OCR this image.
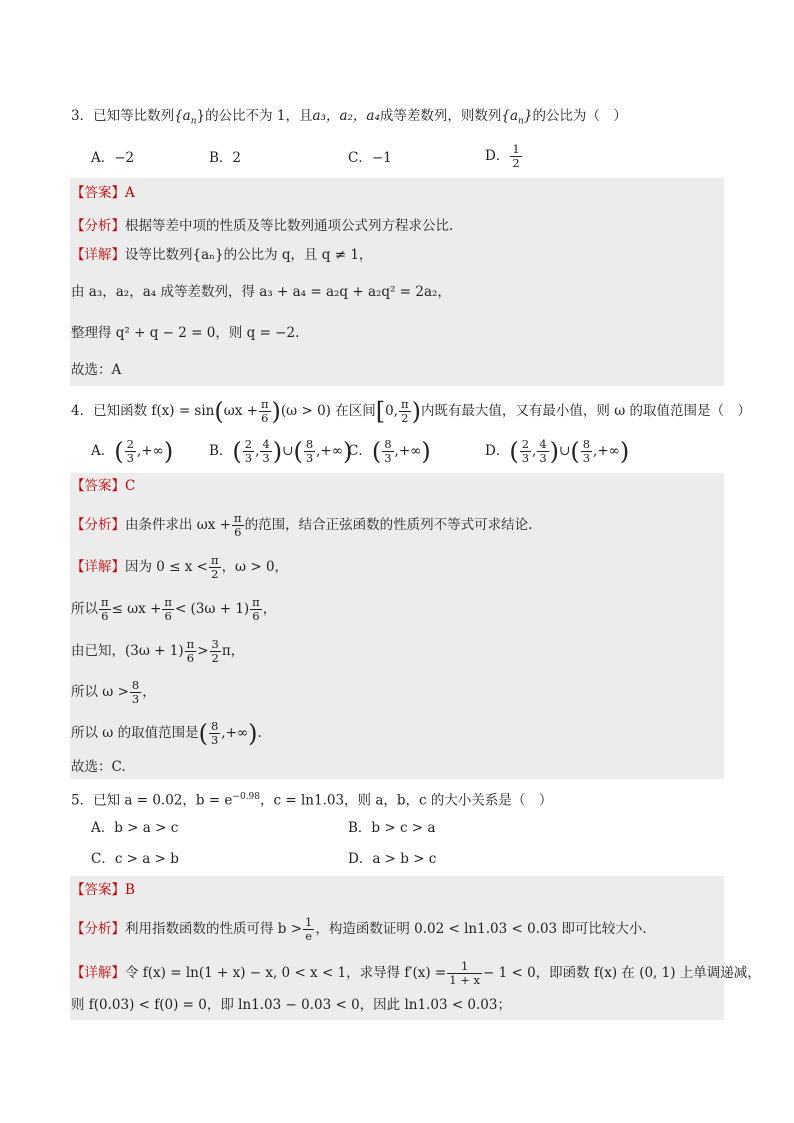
3．已知等比数列$\{a_n\}$的公比不为 1，且a₃，a₂，a₄成等差数列，则数列$\{a_n\}$的公比为（　）
A．−2	B．2	C．−1	D． $\frac{1}{2}$
【答案】A
【分析】根据等差中项的性质及等比数列通项公式列方程求公比.
【详解】设等比数列{aₙ}的公比为 q，且 q ≠ 1，
由 a₃，a₂，a₄ 成等差数列，得 a₃ + a₄ = a₂q + a₂q² = 2a₂，
整理得 q² + q − 2 = 0，则 q = −2.
故选：A
4．已知函数 $f(x) = \sin(\omega x + \frac{\pi}{6} )(\omega > 0)$ 在区间[0, $\frac{\pi}{2}$ )内既有最大值，又有最小值，则 ω 的取值范围是（　）
A．( $\frac{2}{3}$ ,+∞)	B．( $\frac{2}{3}$ , $\frac{4}{3}$ )∪( $\frac{8}{3}$ ,+∞)
C．( $\frac{8}{3}$ ,+∞)	D．( $\frac{2}{3}$ , $\frac{4}{3}$ )∪( $\frac{8}{3}$ ,+∞)
【答案】C
【分析】由条件求出 $\omega x + \frac{\pi}{6}$ 的范围，结合正弦函数的性质列不等式可求结论.
【详解】因为 $0 \le x < \frac{\pi}{2}$ ，ω > 0，
所以 $\frac{\pi}{6} \le \omega x + \frac{\pi}{6} < (3\omega + 1) \frac{\pi}{6}$ ，
由已知，$(3\omega + 1) \frac{\pi}{6} > \frac{3}{2}$ π，
所以 $\omega > \frac{8}{3}$ ，
所以 ω 的取值范围是( $\frac{8}{3}$ ,+∞).
故选：C.
5．已知 a = 0.02，$b = e^{-0.98}$，c = ln1.03，则 a，b，c 的大小关系是（　）
A．b > a > c	B．b > c > a
C．c > a > b	D．a > b > c
【答案】B
【分析】利用指数函数的性质可得 $b > \frac{1}{e}$ ，构造函数证明 0.02 < ln1.03 < 0.03 即可比较大小.
【详解】令 f(x) = ln(1 + x) − x, 0 < x < 1，求导得 $f'(x) = \frac{1}{1 + x} - 1 < 0$，即函数 f(x) 在 (0, 1) 上单调递减，
则 f(0.03) < f(0) = 0，即 ln1.03 − 0.03 < 0，因此 ln1.03 < 0.03；
